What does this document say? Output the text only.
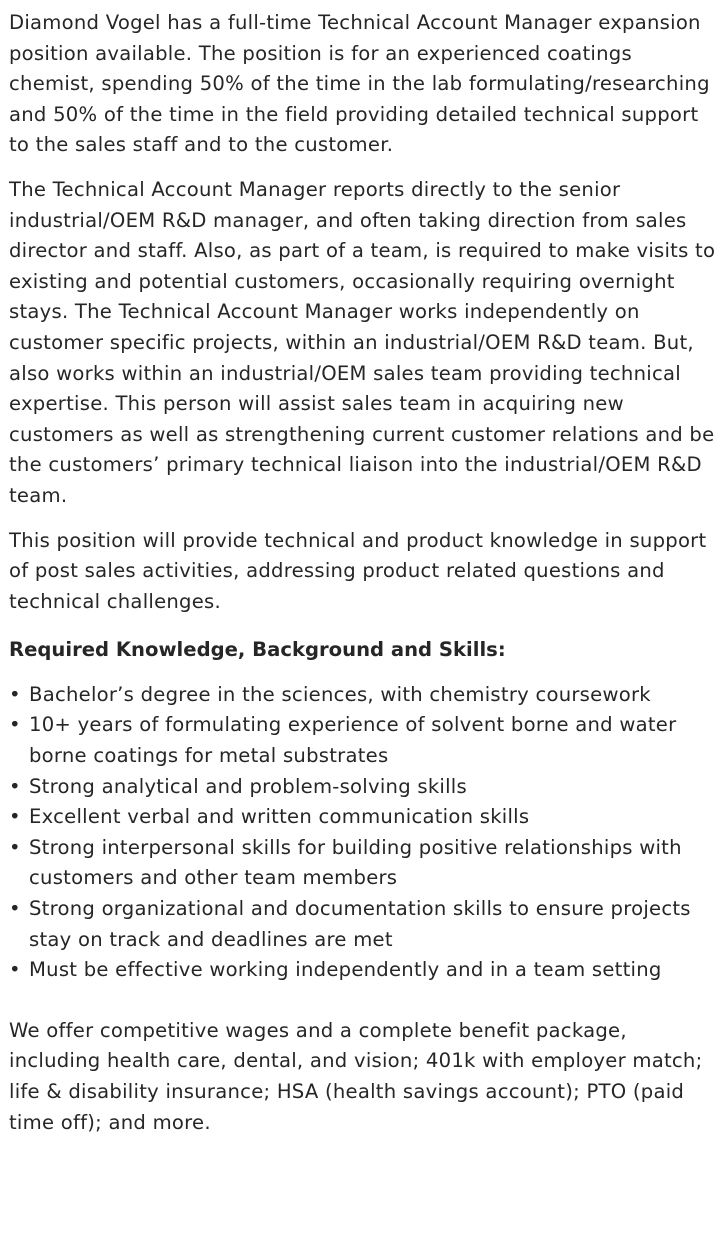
Diamond Vogel has a full-time Technical Account Manager expansion position available. The position is for an experienced coatings chemist, spending 50% of the time in the lab formulating/researching and 50% of the time in the field providing detailed technical support to the sales staff and to the customer.

The Technical Account Manager reports directly to the senior industrial/OEM R&D manager, and often taking direction from sales director and staff. Also, as part of a team, is required to make visits to existing and potential customers, occasionally requiring overnight stays. The Technical Account Manager works independently on customer specific projects, within an industrial/OEM R&D team. But, also works within an industrial/OEM sales team providing technical expertise. This person will assist sales team in acquiring new customers as well as strengthening current customer relations and be the customers’ primary technical liaison into the industrial/OEM R&D team.

This position will provide technical and product knowledge in support of post sales activities, addressing product related questions and technical challenges.

Required Knowledge, Background and Skills:

• Bachelor’s degree in the sciences, with chemistry coursework
• 10+ years of formulating experience of solvent borne and water borne coatings for metal substrates
• Strong analytical and problem-solving skills
• Excellent verbal and written communication skills
• Strong interpersonal skills for building positive relationships with customers and other team members
• Strong organizational and documentation skills to ensure projects stay on track and deadlines are met
• Must be effective working independently and in a team setting

We offer competitive wages and a complete benefit package, including health care, dental, and vision; 401k with employer match; life & disability insurance; HSA (health savings account); PTO (paid time off); and more.
